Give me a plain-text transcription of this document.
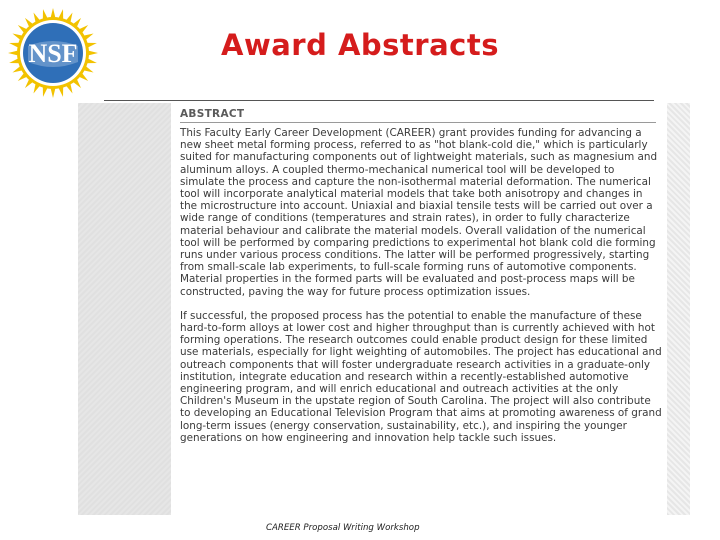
NSF	Award Abstracts
ABSTRACT

This Faculty Early Career Development (CAREER) grant provides funding for advancing a new sheet metal forming process, referred to as "hot blank-cold die," which is particularly suited for manufacturing components out of lightweight materials, such as magnesium and aluminum alloys. A coupled thermo-mechanical numerical tool will be developed to simulate the process and capture the non-isothermal material deformation. The numerical tool will incorporate analytical material models that take both anisotropy and changes in the microstructure into account. Uniaxial and biaxial tensile tests will be carried out over a wide range of conditions (temperatures and strain rates), in order to fully characterize material behaviour and calibrate the material models. Overall validation of the numerical tool will be performed by comparing predictions to experimental hot blank cold die forming runs under various process conditions. The latter will be performed progressively, starting from small-scale lab experiments, to full-scale forming runs of automotive components. Material properties in the formed parts will be evaluated and post-process maps will be constructed, paving the way for future process optimization issues.

If successful, the proposed process has the potential to enable the manufacture of these hard-to-form alloys at lower cost and higher throughput than is currently achieved with hot forming operations. The research outcomes could enable product design for these limited use materials, especially for light weighting of automobiles. The project has educational and outreach components that will foster undergraduate research activities in a graduate-only institution, integrate education and research within a recently-established automotive engineering program, and will enrich educational and outreach activities at the only Children's Museum in the upstate region of South Carolina. The project will also contribute to developing an Educational Television Program that aims at promoting awareness of grand long-term issues (energy conservation, sustainability, etc.), and inspiring the younger generations on how engineering and innovation help tackle such issues.

CAREER Proposal Writing Workshop
